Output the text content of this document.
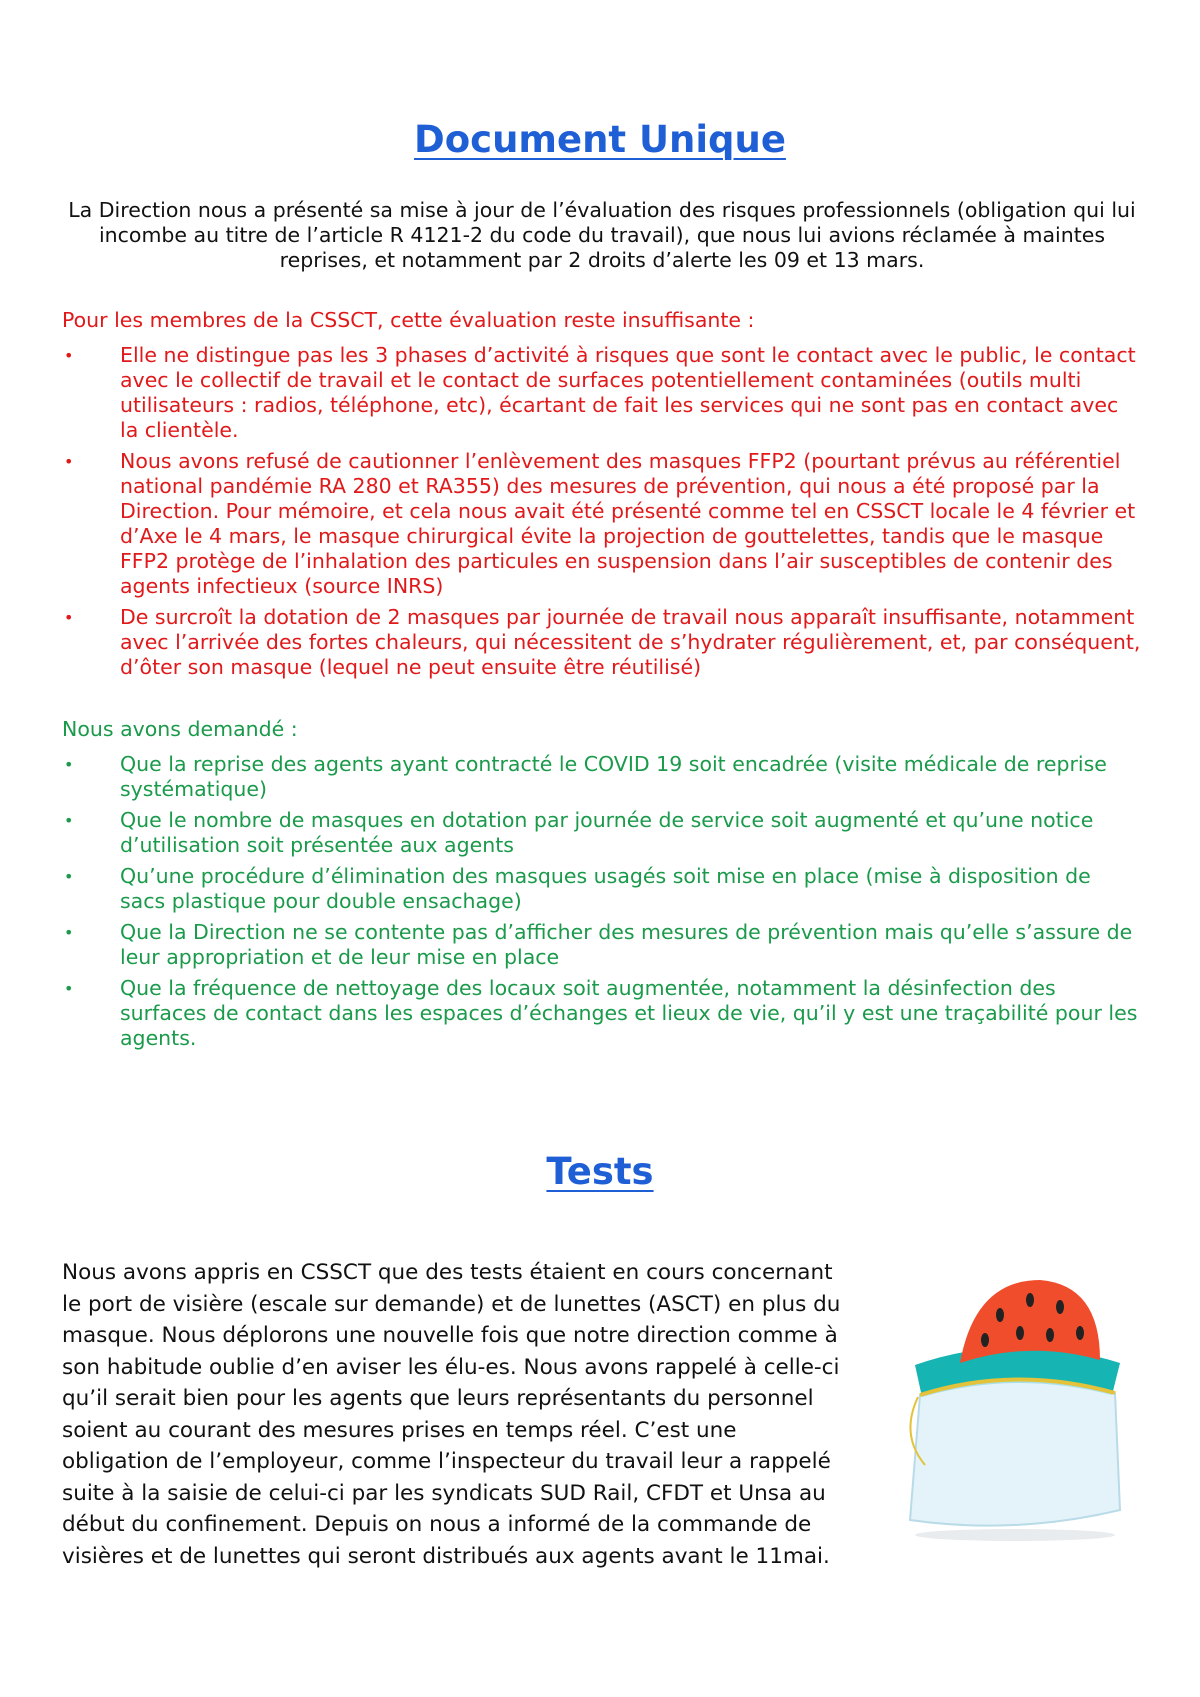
Document Unique
La Direction nous a présenté sa mise à jour de l’évaluation des risques professionnels (obligation qui lui incombe au titre de l’article R 4121-2 du code du travail), que nous lui avions réclamée à maintes reprises, et notamment par 2 droits d’alerte les 09 et 13 mars.
Pour les membres de la CSSCT, cette évaluation reste insuffisante :
• Elle ne distingue pas les 3 phases d’activité à risques que sont le contact avec le public, le contact avec le collectif de travail et le contact de surfaces potentiellement contaminées (outils multi utilisateurs : radios, téléphone, etc), écartant de fait les services qui ne sont pas en contact avec la clientèle.
• Nous avons refusé de cautionner l’enlèvement des masques FFP2 (pourtant prévus au référentiel national pandémie RA 280 et RA355) des mesures de prévention, qui nous a été proposé par la Direction. Pour mémoire, et cela nous avait été présenté comme tel en CSSCT locale le 4 février et d’Axe le 4 mars, le masque chirurgical évite la projection de gouttelettes, tandis que le masque FFP2 protège de l’inhalation des particules en suspension dans l’air susceptibles de contenir des agents infectieux (source INRS)
• De surcroît la dotation de 2 masques par journée de travail nous apparaît insuffisante, notamment avec l’arrivée des fortes chaleurs, qui nécessitent de s’hydrater régulièrement, et, par conséquent, d’ôter son masque (lequel ne peut ensuite être réutilisé)
Nous avons demandé :
• Que la reprise des agents ayant contracté le COVID 19 soit encadrée (visite médicale de reprise systématique)
• Que le nombre de masques en dotation par journée de service soit augmenté et qu’une notice d’utilisation soit présentée aux agents
• Qu’une procédure d’élimination des masques usagés soit mise en place (mise à disposition de sacs plastique pour double ensachage)
• Que la Direction ne se contente pas d’afficher des mesures de prévention mais qu’elle s’assure de leur appropriation et de leur mise en place
• Que la fréquence de nettoyage des locaux soit augmentée, notamment la désinfection des surfaces de contact dans les espaces d’échanges et lieux de vie, qu’il y est une traçabilité pour les agents.
Tests
Nous avons appris en CSSCT que des tests étaient en cours concernant le port de visière (escale sur demande) et de lunettes (ASCT) en plus du masque. Nous déplorons une nouvelle fois que notre direction comme à son habitude oublie d’en aviser les élu-es. Nous avons rappelé à celle-ci qu’il serait bien pour les agents que leurs représentants du personnel soient au courant des mesures prises en temps réel. C’est une obligation de l’employeur, comme l’inspecteur du travail leur a rappelé suite à la saisie de celui-ci par les syndicats SUD Rail, CFDT et Unsa au début du confinement. Depuis on nous a informé de la commande de visières et de lunettes qui seront distribués aux agents avant le 11mai.
